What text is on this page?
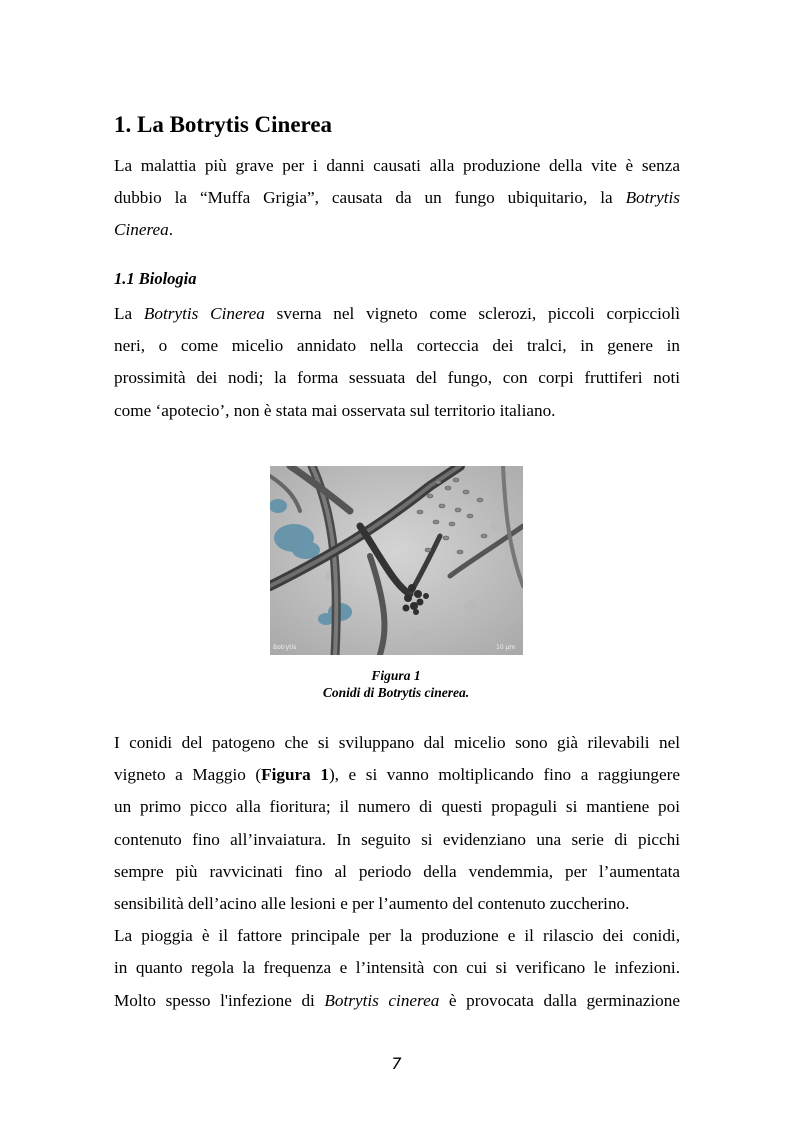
1. La Botrytis Cinerea
La malattia più grave per i danni causati alla produzione della vite è senza
dubbio la “Muffa Grigia”, causata da un fungo ubiquitario, la Botrytis
Cinerea.
1.1 Biologia
La Botrytis Cinerea sverna nel vigneto come sclerozi, piccoli corpicciolì
neri, o come micelio annidato nella corteccia dei tralci, in genere in
prossimità dei nodi; la forma sessuata del fungo, con corpi fruttiferi noti
come ‘apotecio’, non è stata mai osservata sul territorio italiano.
Botrytis	10 µm
Figura 1
Conidi di Botrytis cinerea.
I conidi del patogeno che si sviluppano dal micelio sono già rilevabili nel
vigneto a Maggio (Figura 1), e si vanno moltiplicando fino a raggiungere
un primo picco alla fioritura; il numero di questi propaguli si mantiene poi
contenuto fino all’invaiatura. In seguito si evidenziano una serie di picchi
sempre più ravvicinati fino al periodo della vendemmia, per l’aumentata
sensibilità dell’acino alle lesioni e per l’aumento del contenuto zuccherino.
La pioggia è il fattore principale per la produzione e il rilascio dei conidi,
in quanto regola la frequenza e l’intensità con cui si verificano le infezioni.
Molto spesso l'infezione di Botrytis cinerea è provocata dalla germinazione
7
